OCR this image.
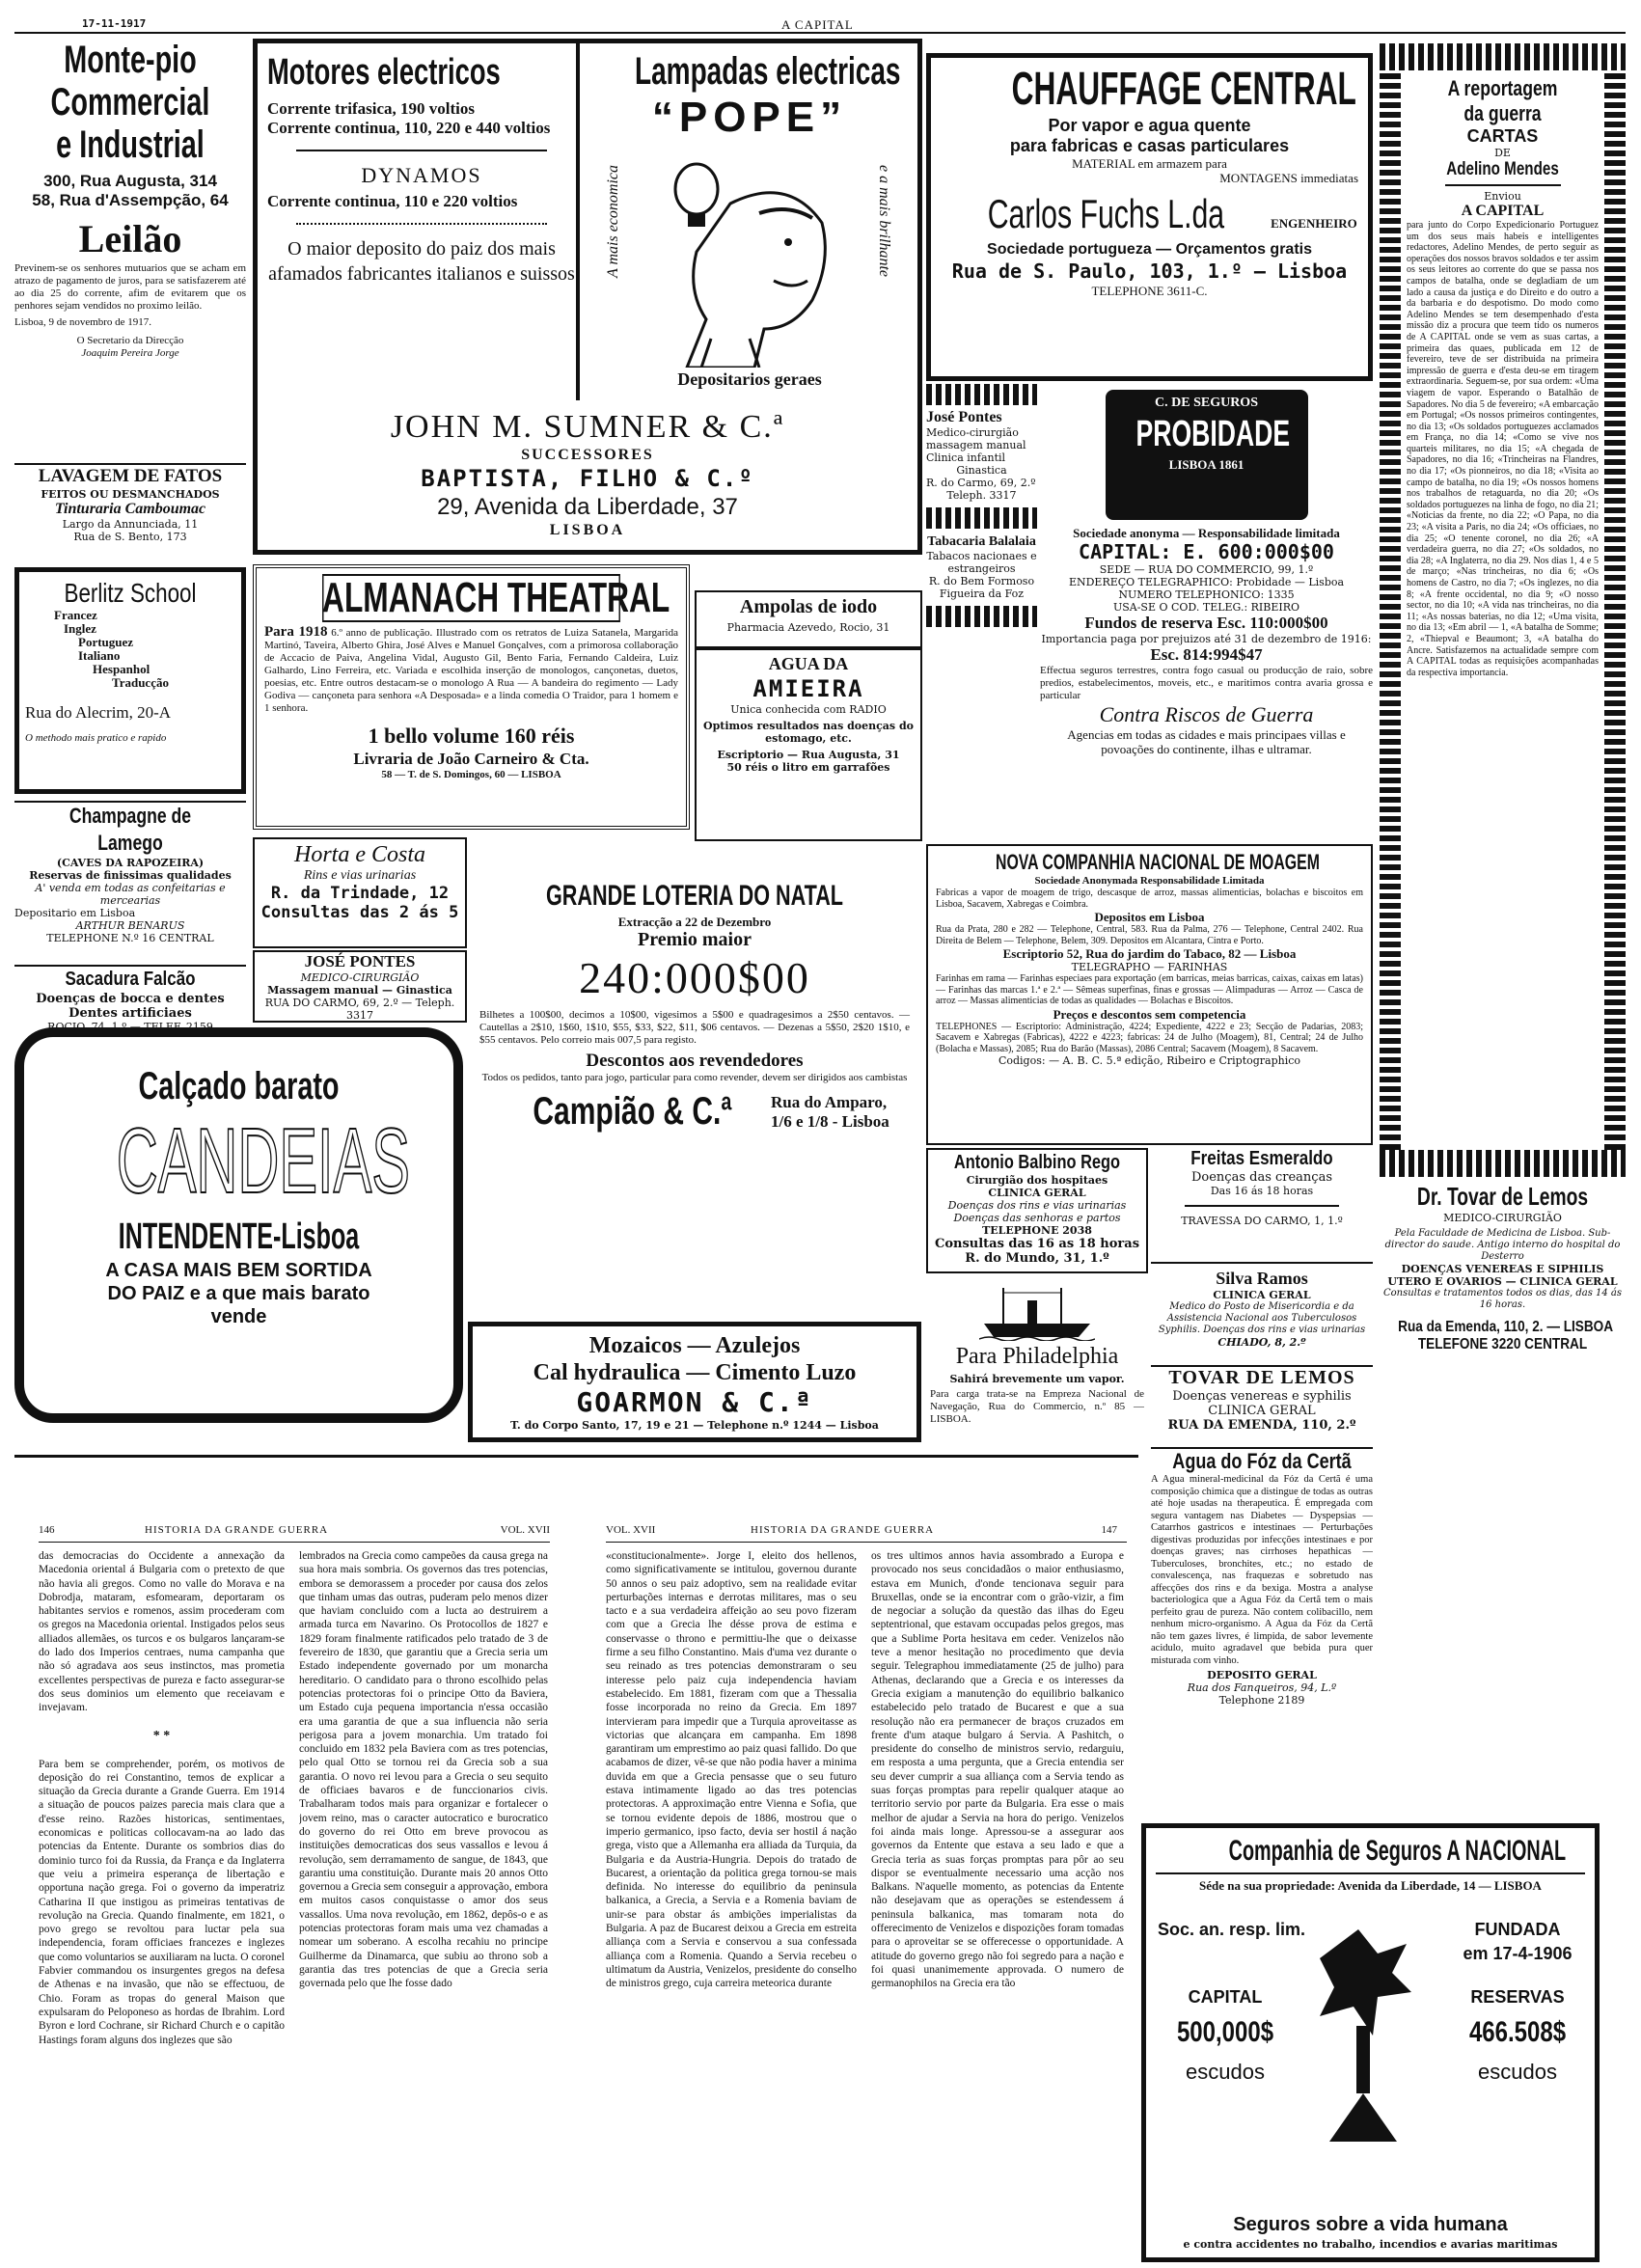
17-11-1917	A CAPITAL
Monte-pio
Commercial
e Industrial
300, Rua Augusta, 314
58, Rua d'Assempção, 64
Leilão

Previnem-se os senhores mutuarios que se acham em atrazo de pagamento de juros, para se satisfazerem até ao dia 25 do corrente, afim de evitarem que os penhores sejam vendidos no proximo leilão.

Lisboa, 9 de novembro de 1917.

O Secretario da Direcção

Joaquim Pereira Jorge

LAVAGEM DE FATOS
FEITOS OU DESMANCHADOS
Tinturaria Camboumac
Largo da Annunciada, 11
Rua de S. Bento, 173
Berlitz School
Francez
Inglez
Portuguez
Italiano
Hespanhol
Traducção
Rua do Alecrim, 20-A
O methodo mais pratico e rapido
Champagne de Lamego
(CAVES DA RAPOZEIRA)
Reservas de finissimas qualidades
A' venda em todas as confeitarias e mercearias
Depositario em Lisboa
ARTHUR BENARUS
TELEPHONE N.º 16 CENTRAL
Sacadura Falcão
Doenças de bocca e dentes
Dentes artificiaes
ROCIO, 74, 1.º — TELEF. 2159
Motores electricos
Corrente trifasica, 190 voltios
Corrente continua, 110, 220 e 440 voltios
DYNAMOS
Corrente continua, 110 e 220 voltios
O maior deposito do paiz dos mais afamados fabricantes italianos e suissos
Lampadas electricas
“POPE”
A mais economica	e a mais brilhante
Depositarios geraes
JOHN M. SUMNER & C.ª
SUCCESSORES
BAPTISTA, FILHO & C.º
29, Avenida da Liberdade, 37
LISBOA
ALMANACH THEATRAL

Para 1918 6.º anno de publicação. Illustrado com os retratos de Luiza Satanela, Margarida Martinó, Taveira, Alberto Ghira, José Alves e Manuel Gonçalves, com a primorosa collaboração de Accacio de Paiva, Angelina Vidal, Augusto Gil, Bento Faria, Fernando Caldeira, Luiz Galhardo, Lino Ferreira, etc. Variada e escolhida inserção de monologos, cançonetas, duetos, poesias, etc. Entre outros destacam-se o monologo A Rua — A bandeira do regimento — Lady Godiva — cançoneta para senhora «A Desposada» e a linda comedia O Traidor, para 1 homem e 1 senhora.

1 bello volume 160 réis
Livraria de João Carneiro & Cta.
58 — T. de S. Domingos, 60 — LISBOA
Ampolas de iodo
Pharmacia Azevedo, Rocio, 31
AGUA DA
AMIEIRA
Unica conhecida com RADIO
Optimos resultados nas doenças do estomago, etc.
Escriptorio — Rua Augusta, 31
50 réis o litro em garrafões
Horta e Costa
Rins e vias urinarias
R. da Trindade, 12
Consultas das 2 ás 5
JOSÉ PONTES
MEDICO-CIRURGIÃO
Massagem manual — Ginastica
RUA DO CARMO, 69, 2.º — Teleph. 3317
GRANDE LOTERIA DO NATAL
Extracção a 22 de Dezembro
Premio maior
240:000$00

Bilhetes a 100$00, decimos a 10$00, vigesimos a 5$00 e quadragesimos a 2$50 centavos. — Cautellas a 2$10, 1$60, 1$10, $55, $33, $22, $11, $06 centavos. — Dezenas a 5$50, 2$20 1$10, e $55 centavos. Pelo correio mais 007,5 para registo.

Descontos aos revendedores

Todos os pedidos, tanto para jogo, particular para como revender, devem ser dirigidos aos cambistas

Campião & C.ª Rua do Amparo,
1/6 e 1/8 - Lisboa
Calçado barato
CANDEIAS
INTENDENTE-Lisboa
A CASA MAIS BEM SORTIDA
DO PAIZ e a que mais barato
vende
Mozaicos — Azulejos
Cal hydraulica — Cimento Luzo
GOARMON & C.ª
T. do Corpo Santo, 17, 19 e 21 — Telephone n.º 1244 — Lisboa
CHAUFFAGE CENTRAL
Por vapor e agua quente
para fabricas e casas particulares
MATERIAL em armazem para
MONTAGENS immediatas
Carlos Fuchs L.da	ENGENHEIRO
Sociedade portugueza — Orçamentos gratis
Rua de S. Paulo, 103, 1.º — Lisboa
TELEPHONE 3611-C.
José Pontes
Medico-cirurgião
massagem manual
Clinica infantil
Ginastica
R. do Carmo, 69, 2.º
Teleph. 3317
Tabacaria Balalaia
Tabacos nacionaes e estrangeiros
R. do Bem Formoso
Figueira da Foz
C. DE SEGUROS
PROBIDADE
LISBOA 1861
Sociedade anonyma — Responsabilidade limitada
CAPITAL: E. 600:000$00
SEDE — RUA DO COMMERCIO, 99, 1.º
ENDEREÇO TELEGRAPHICO: Probidade — Lisboa
NUMERO TELEPHONICO: 1335
USA-SE O COD. TELEG.: RIBEIRO
Fundos de reserva Esc. 110:000$00
Importancia paga por prejuizos até 31 de dezembro de 1916:
Esc. 814:994$47

Effectua seguros terrestres, contra fogo casual ou producção de raio, sobre predios, estabelecimentos, moveis, etc., e maritimos contra avaria grossa e particular

Contra Riscos de Guerra

Agencias em todas as cidades e mais principaes villas e povoações do continente, ilhas e ultramar.

NOVA COMPANHIA NACIONAL DE MOAGEM
Sociedade Anonymada Responsabilidade Limitada

Fabricas a vapor de moagem de trigo, descasque de arroz, massas alimenticias, bolachas e biscoitos em Lisboa, Sacavem, Xabregas e Coimbra.

Depositos em Lisboa

Rua da Prata, 280 e 282 — Telephone, Central, 583. Rua da Palma, 276 — Telephone, Central 2402. Rua Direita de Belem — Telephone, Belem, 309. Depositos em Alcantara, Cintra e Porto.

Escriptorio 52, Rua do jardim do Tabaco, 82 — Lisboa
TELEGRAPHO — FARINHAS

Farinhas em rama — Farinhas especiaes para exportação (em barricas, meias barricas, caixas, caixas em latas) — Farinhas das marcas 1.ª e 2.ª — Sêmeas superfinas, finas e grossas — Alimpaduras — Arroz — Casca de arroz — Massas alimenticias de todas as qualidades — Bolachas e Biscoitos.

Preços e descontos sem competencia

TELEPHONES — Escriptorio: Administração, 4224; Expediente, 4222 e 23; Secção de Padarias, 2083; Sacavem e Xabregas (Fabricas), 4222 e 4223; fabricas: 24 de Julho (Moagem), 81, Central; 24 de Julho (Bolacha e Massas), 2085; Rua do Barão (Massas), 2086 Central; Sacavem (Moagem), 8 Sacavem.

Codigos: — A. B. C. 5.ª edição, Ribeiro e Criptographico
Antonio Balbino Rego
Cirurgião dos hospitaes
CLINICA GERAL
Doenças dos rins e vias urinarias
Doenças das senhoras e partos
TELEPHONE 2038
Consultas das 16 as 18 horas
R. do Mundo, 31, 1.º
Para Philadelphia
Sahirá brevemente um vapor.

Para carga trata-se na Empreza Nacional de Navegação, Rua do Commercio, n.º 85 — LISBOA.

Freitas Esmeraldo
Doenças das creanças
Das 16 ás 18 horas
TRAVESSA DO CARMO, 1, 1.º
Silva Ramos
CLINICA GERAL
Medico do Posto de Misericordia e da Assistencia Nacional aos Tuberculosos
Syphilis. Doenças dos rins e vias urinarias
CHIADO, 8, 2.º
TOVAR DE LEMOS
Doenças venereas e syphilis
CLINICA GERAL
RUA DA EMENDA, 110, 2.º
Agua do Fóz da Certã

A Agua mineral-medicinal da Fóz da Certã é uma composição chimica que a distingue de todas as outras até hoje usadas na therapeutica. É empregada com segura vantagem nas Diabetes — Dyspepsias — Catarrhos gastricos e intestinaes — Perturbações digestivas produzidas por infecções intestinaes e por doenças graves; nas cirrhoses hepathicas — Tuberculoses, bronchites, etc.; no estado de convalescença, nas fraquezas e sobretudo nas affecções dos rins e da bexiga. Mostra a analyse bacteriologica que a Agua Fóz da Certã tem o mais perfeito grau de pureza. Não contem colibacillo, nem nenhum micro-organismo. A Agua da Fóz da Certã não tem gazes livres, é limpida, de sabor levemente acidulo, muito agradavel que bebida pura quer misturada com vinho.

DEPOSITO GERAL
Rua dos Fanqueiros, 94, L.º
Telephone 2189
A reportagem
da guerra
CARTAS
DE
Adelino Mendes
Enviou
A CAPITAL

para junto do Corpo Expedicionario Portuguez um dos seus mais habeis e intelligentes redactores, Adelino Mendes, de perto seguir as operações dos nossos bravos soldados e ter assim os seus leitores ao corrente do que se passa nos campos de batalha, onde se degladiam de um lado a causa da justiça e do Direito e do outro a da barbaria e do despotismo. Do modo como Adelino Mendes se tem desempenhado d'esta missão diz a procura que teem tido os numeros de A CAPITAL onde se vem as suas cartas, a primeira das quaes, publicada em 12 de fevereiro, teve de ser distribuida na primeira impressão de guerra e d'esta deu-se em tiragem extraordinaria. Seguem-se, por sua ordem: «Uma viagem de vapor. Esperando o Batalhão de Sapadores. No dia 5 de fevereiro; «A embarcação em Portugal; «Os nossos primeiros contingentes, no dia 13; «Os soldados portuguezes acclamados em França, no dia 14; «Como se vive nos quarteis militares, no dia 15; «A chegada de Sapadores, no dia 16; «Trincheiras na Flandres, no dia 17; «Os pionneiros, no dia 18; «Visita ao campo de batalha, no dia 19; «Os nossos homens nos trabalhos de retaguarda, no dia 20; «Os soldados portuguezes na linha de fogo, no dia 21; «Noticias da frente, no dia 22; «O Papa, no dia 23; «A visita a Paris, no dia 24; «Os officiaes, no dia 25; «O tenente coronel, no dia 26; «A verdadeira guerra, no dia 27; «Os soldados, no dia 28; «A Inglaterra, no dia 29. Nos dias 1, 4 e 5 de março; «Nas trincheiras, no dia 6; «Os homens de Castro, no dia 7; «Os inglezes, no dia 8; «A frente occidental, no dia 9; «O nosso sector, no dia 10; «A vida nas trincheiras, no dia 11; «As nossas baterias, no dia 12; «Uma visita, no dia 13; «Em abril — 1, «A batalha de Somme; 2, «Thiepval e Beaumont; 3, «A batalha do Ancre. Satisfazemos na actualidade sempre com A CAPITAL todas as requisições acompanhadas da respectiva importancia.

Dr. Tovar de Lemos
MEDICO-CIRURGIÃO
Pela Faculdade de Medicina de Lisboa. Sub-director do saude. Antigo interno do hospital do Desterro
DOENÇAS VENEREAS E SIPHILIS
UTERO E OVARIOS — CLINICA GERAL
Consultas e tratamentos todos os dias, das 14 ás 16 horas.
Rua da Emenda, 110, 2. — LISBOA
TELEFONE 3220 CENTRAL
Companhia de Seguros A NACIONAL
Séde na sua propriedade: Avenida da Liberdade, 14 — LISBOA
Soc. an. resp. lim.	FUNDADA
em 17-4-1906
CAPITAL
500,000$
escudos
RESERVAS
466.508$
escudos
Seguros sobre a vida humana
e contra accidentes no trabalho, incendios e avarias maritimas
146	HISTORIA DA GRANDE GUERRA	VOL. XVII

das democracias do Occidente a annexação da Macedonia oriental á Bulgaria com o pretexto de que não havia ali gregos. Como no valle do Morava e na Dobrodja, mataram, esfomearam, deportaram os habitantes servios e romenos, assim procederam com os gregos na Macedonia oriental. Instigados pelos seus alliados allemães, os turcos e os bulgaros lançaram-se do lado dos Imperios centraes, numa campanha que não só agradava aos seus instinctos, mas prometia excellentes perspectivas de pureza e facto assegurar-se dos seus dominios um elemento que receiavam e invejavam.

* *

Para bem se comprehender, porém, os motivos de deposição do rei Constantino, temos de explicar a situação da Grecia durante a Grande Guerra. Em 1914 a situação de poucos paizes parecia mais clara que a d'esse reino. Razões historicas, sentimentaes, economicas e politicas collocavam-na ao lado das potencias da Entente. Durante os sombrios dias do dominio turco foi da Russia, da França e da Inglaterra que veiu a primeira esperança de libertação e opportuna nação grega. Foi o governo da imperatriz Catharina II que instigou as primeiras tentativas de revolução na Grecia. Quando finalmente, em 1821, o povo grego se revoltou para luctar pela sua independencia, foram officiaes francezes e inglezes que como voluntarios se auxiliaram na lucta. O coronel Fabvier commandou os insurgentes gregos na defesa de Athenas e na invasão, que não se effectuou, de Chio. Foram as tropas do general Maison que expulsaram do Peloponeso as hordas de Ibrahim. Lord Byron e lord Cochrane, sir Richard Church e o capitão Hastings foram alguns dos inglezes que são

lembrados na Grecia como campeões da causa grega na sua hora mais sombria. Os governos das tres potencias, embora se demorassem a proceder por causa dos zelos que tinham umas das outras, puderam pelo menos dizer que haviam concluido com a lucta ao destruirem a armada turca em Navarino. Os Protocollos de 1827 e 1829 foram finalmente ratificados pelo tratado de 3 de fevereiro de 1830, que garantiu que a Grecia seria um Estado independente governado por um monarcha hereditario. O candidato para o throno escolhido pelas potencias protectoras foi o principe Otto da Baviera, um Estado cuja pequena importancia n'essa occasião era uma garantia de que a sua influencia não seria perigosa para a jovem monarchia. Um tratado foi concluido em 1832 pela Baviera com as tres potencias, pelo qual Otto se tornou rei da Grecia sob a sua garantia. O novo rei levou para a Grecia o seu sequito de officiaes bavaros e de funccionarios civis. Trabalharam todos mais para organizar e fortalecer o jovem reino, mas o caracter autocratico e burocratico do governo do rei Otto em breve provocou as instituições democraticas dos seus vassallos e levou á revolução, sem derramamento de sangue, de 1843, que garantiu uma constituição. Durante mais 20 annos Otto governou a Grecia sem conseguir a approvação, embora em muitos casos conquistasse o amor dos seus vassallos. Uma nova revolução, em 1862, depôs-o e as potencias protectoras foram mais uma vez chamadas a nomear um soberano. A escolha recahiu no principe Guilherme da Dinamarca, que subiu ao throno sob a garantia das tres potencias de que a Grecia seria governada pelo que lhe fosse dado

VOL. XVII	HISTORIA DA GRANDE GUERRA	147

«constitucionalmente». Jorge I, eleito dos hellenos, como significativamente se intitulou, governou durante 50 annos o seu paiz adoptivo, sem na realidade evitar perturbações internas e derrotas militares, mas o seu tacto e a sua verdadeira affeição ao seu povo fizeram com que a Grecia lhe désse prova de estima e conservasse o throno e permittiu-lhe que o deixasse firme a seu filho Constantino. Mais d'uma vez durante o seu reinado as tres potencias demonstraram o seu interesse pelo paiz cuja independencia haviam estabelecido. Em 1881, fizeram com que a Thessalia fosse incorporada no reino da Grecia. Em 1897 intervieram para impedir que a Turquia aproveitasse as victorias que alcançara em campanha. Em 1898 garantiram um emprestimo ao paiz quasi fallido. Do que acabamos de dizer, vê-se que não podia haver a minima duvida em que a Grecia pensasse que o seu futuro estava intimamente ligado ao das tres potencias protectoras. A approximação entre Vienna e Sofia, que se tornou evidente depois de 1886, mostrou que o imperio germanico, ipso facto, devia ser hostil á nação grega, visto que a Allemanha era alliada da Turquia, da Bulgaria e da Austria-Hungria. Depois do tratado de Bucarest, a orientação da politica grega tornou-se mais definida. No interesse do equilibrio da peninsula balkanica, a Grecia, a Servia e a Romenia baviam de unir-se para obstar ás ambições imperialistas da Bulgaria. A paz de Bucarest deixou a Grecia em estreita alliança com a Servia e conservou a sua confessada alliança com a Romenia. Quando a Servia recebeu o ultimatum da Austria, Venizelos, presidente do conselho de ministros grego, cuja carreira meteorica durante

os tres ultimos annos havia assombrado a Europa e provocado nos seus concidadãos o maior enthusiasmo, estava em Munich, d'onde tencionava seguir para Bruxellas, onde se ia encontrar com o grão-vizir, a fim de negociar a solução da questão das ilhas do Egeu septentrional, que estavam occupadas pelos gregos, mas que a Sublime Porta hesitava em ceder. Venizelos não teve a menor hesitação no procedimento que devia seguir. Telegraphou immediatamente (25 de julho) para Athenas, declarando que a Grecia e os interesses da Grecia exigiam a manutenção do equilibrio balkanico estabelecido pelo tratado de Bucarest e que a sua resolução não era permanecer de braços cruzados em frente d'um ataque bulgaro á Servia. A Pashitch, o presidente do conselho de ministros servio, redarguiu, em resposta a uma pergunta, que a Grecia entendia ser seu dever cumprir a sua alliança com a Servia tendo as suas forças promptas para repelir qualquer ataque ao territorio servio por parte da Bulgaria. Era esse o mais melhor de ajudar a Servia na hora do perigo. Venizelos foi ainda mais longe. Apressou-se a assegurar aos governos da Entente que estava a seu lado e que a Grecia teria as suas forças promptas para pôr ao seu dispor se eventualmente necessario uma acção nos Balkans. N'aquelle momento, as potencias da Entente não desejavam que as operações se estendessem á peninsula balkanica, mas tomaram nota do offerecimento de Venizelos e dispozições foram tomadas para o aproveitar se se offerecesse o opportunidade. A atitude do governo grego não foi segredo para a nação e foi quasi unanimemente approvada. O numero de germanophilos na Grecia era tão
